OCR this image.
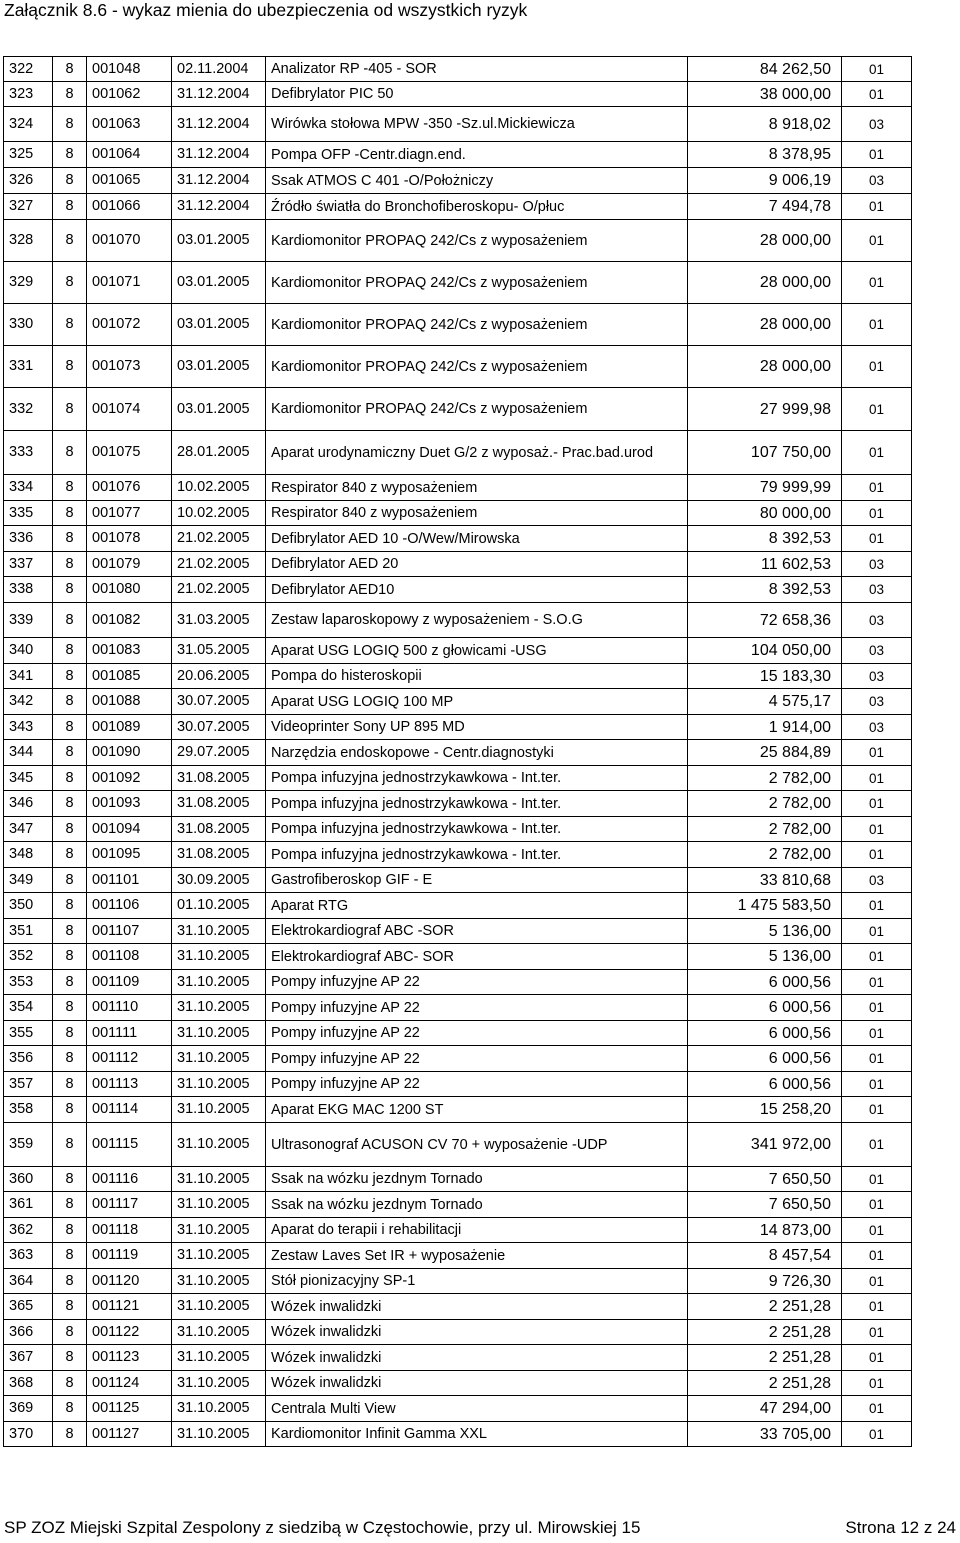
Załącznik 8.6 - wykaz mienia do ubezpieczenia od wszystkich ryzyk
322	8	001048	02.11.2004	Analizator RP -405 - SOR	84 262,50	01
323	8	001062	31.12.2004	Defibrylator PIC 50	38 000,00	01
324	8	001063	31.12.2004	Wirówka stołowa MPW -350 -Sz.ul.Mickiewicza	8 918,02	03
325	8	001064	31.12.2004	Pompa OFP -Centr.diagn.end.	8 378,95	01
326	8	001065	31.12.2004	Ssak ATMOS C 401 -O/Położniczy	9 006,19	03
327	8	001066	31.12.2004	Źródło światła do Bronchofiberoskopu- O/płuc	7 494,78	01
328	8	001070	03.01.2005	Kardiomonitor PROPAQ 242/Cs z wyposażeniem	28 000,00	01
329	8	001071	03.01.2005	Kardiomonitor PROPAQ 242/Cs z wyposażeniem	28 000,00	01
330	8	001072	03.01.2005	Kardiomonitor PROPAQ 242/Cs z wyposażeniem	28 000,00	01
331	8	001073	03.01.2005	Kardiomonitor PROPAQ 242/Cs z wyposażeniem	28 000,00	01
332	8	001074	03.01.2005	Kardiomonitor PROPAQ 242/Cs z wyposażeniem	27 999,98	01
333	8	001075	28.01.2005	Aparat urodynamiczny Duet G/2 z wyposaż.- Prac.bad.urod	107 750,00	01
334	8	001076	10.02.2005	Respirator 840 z wyposażeniem	79 999,99	01
335	8	001077	10.02.2005	Respirator 840 z wyposażeniem	80 000,00	01
336	8	001078	21.02.2005	Defibrylator AED 10 -O/Wew/Mirowska	8 392,53	01
337	8	001079	21.02.2005	Defibrylator AED 20	11 602,53	03
338	8	001080	21.02.2005	Defibrylator AED10	8 392,53	03
339	8	001082	31.03.2005	Zestaw laparoskopowy z wyposażeniem - S.O.G	72 658,36	03
340	8	001083	31.05.2005	Aparat USG LOGIQ 500 z głowicami -USG	104 050,00	03
341	8	001085	20.06.2005	Pompa do histeroskopii	15 183,30	03
342	8	001088	30.07.2005	Aparat USG LOGIQ 100 MP	4 575,17	03
343	8	001089	30.07.2005	Videoprinter Sony UP 895 MD	1 914,00	03
344	8	001090	29.07.2005	Narzędzia endoskopowe - Centr.diagnostyki	25 884,89	01
345	8	001092	31.08.2005	Pompa infuzyjna jednostrzykawkowa - Int.ter.	2 782,00	01
346	8	001093	31.08.2005	Pompa infuzyjna jednostrzykawkowa - Int.ter.	2 782,00	01
347	8	001094	31.08.2005	Pompa infuzyjna jednostrzykawkowa - Int.ter.	2 782,00	01
348	8	001095	31.08.2005	Pompa infuzyjna jednostrzykawkowa - Int.ter.	2 782,00	01
349	8	001101	30.09.2005	Gastrofiberoskop GIF - E	33 810,68	03
350	8	001106	01.10.2005	Aparat RTG	1 475 583,50	01
351	8	001107	31.10.2005	Elektrokardiograf ABC -SOR	5 136,00	01
352	8	001108	31.10.2005	Elektrokardiograf ABC- SOR	5 136,00	01
353	8	001109	31.10.2005	Pompy infuzyjne AP 22	6 000,56	01
354	8	001110	31.10.2005	Pompy infuzyjne AP 22	6 000,56	01
355	8	001111	31.10.2005	Pompy infuzyjne AP 22	6 000,56	01
356	8	001112	31.10.2005	Pompy infuzyjne AP 22	6 000,56	01
357	8	001113	31.10.2005	Pompy infuzyjne AP 22	6 000,56	01
358	8	001114	31.10.2005	Aparat EKG MAC 1200 ST	15 258,20	01
359	8	001115	31.10.2005	Ultrasonograf ACUSON CV 70 + wyposażenie -UDP	341 972,00	01
360	8	001116	31.10.2005	Ssak na wózku jezdnym Tornado	7 650,50	01
361	8	001117	31.10.2005	Ssak na wózku jezdnym Tornado	7 650,50	01
362	8	001118	31.10.2005	Aparat do terapii i rehabilitacji	14 873,00	01
363	8	001119	31.10.2005	Zestaw Laves Set IR + wyposażenie	8 457,54	01
364	8	001120	31.10.2005	Stół pionizacyjny SP-1	9 726,30	01
365	8	001121	31.10.2005	Wózek inwalidzki	2 251,28	01
366	8	001122	31.10.2005	Wózek inwalidzki	2 251,28	01
367	8	001123	31.10.2005	Wózek inwalidzki	2 251,28	01
368	8	001124	31.10.2005	Wózek inwalidzki	2 251,28	01
369	8	001125	31.10.2005	Centrala Multi View	47 294,00	01
370	8	001127	31.10.2005	Kardiomonitor Infinit Gamma XXL	33 705,00	01
SP ZOZ Miejski Szpital Zespolony z siedzibą w Częstochowie, przy ul. Mirowskiej 15	Strona 12 z 24
